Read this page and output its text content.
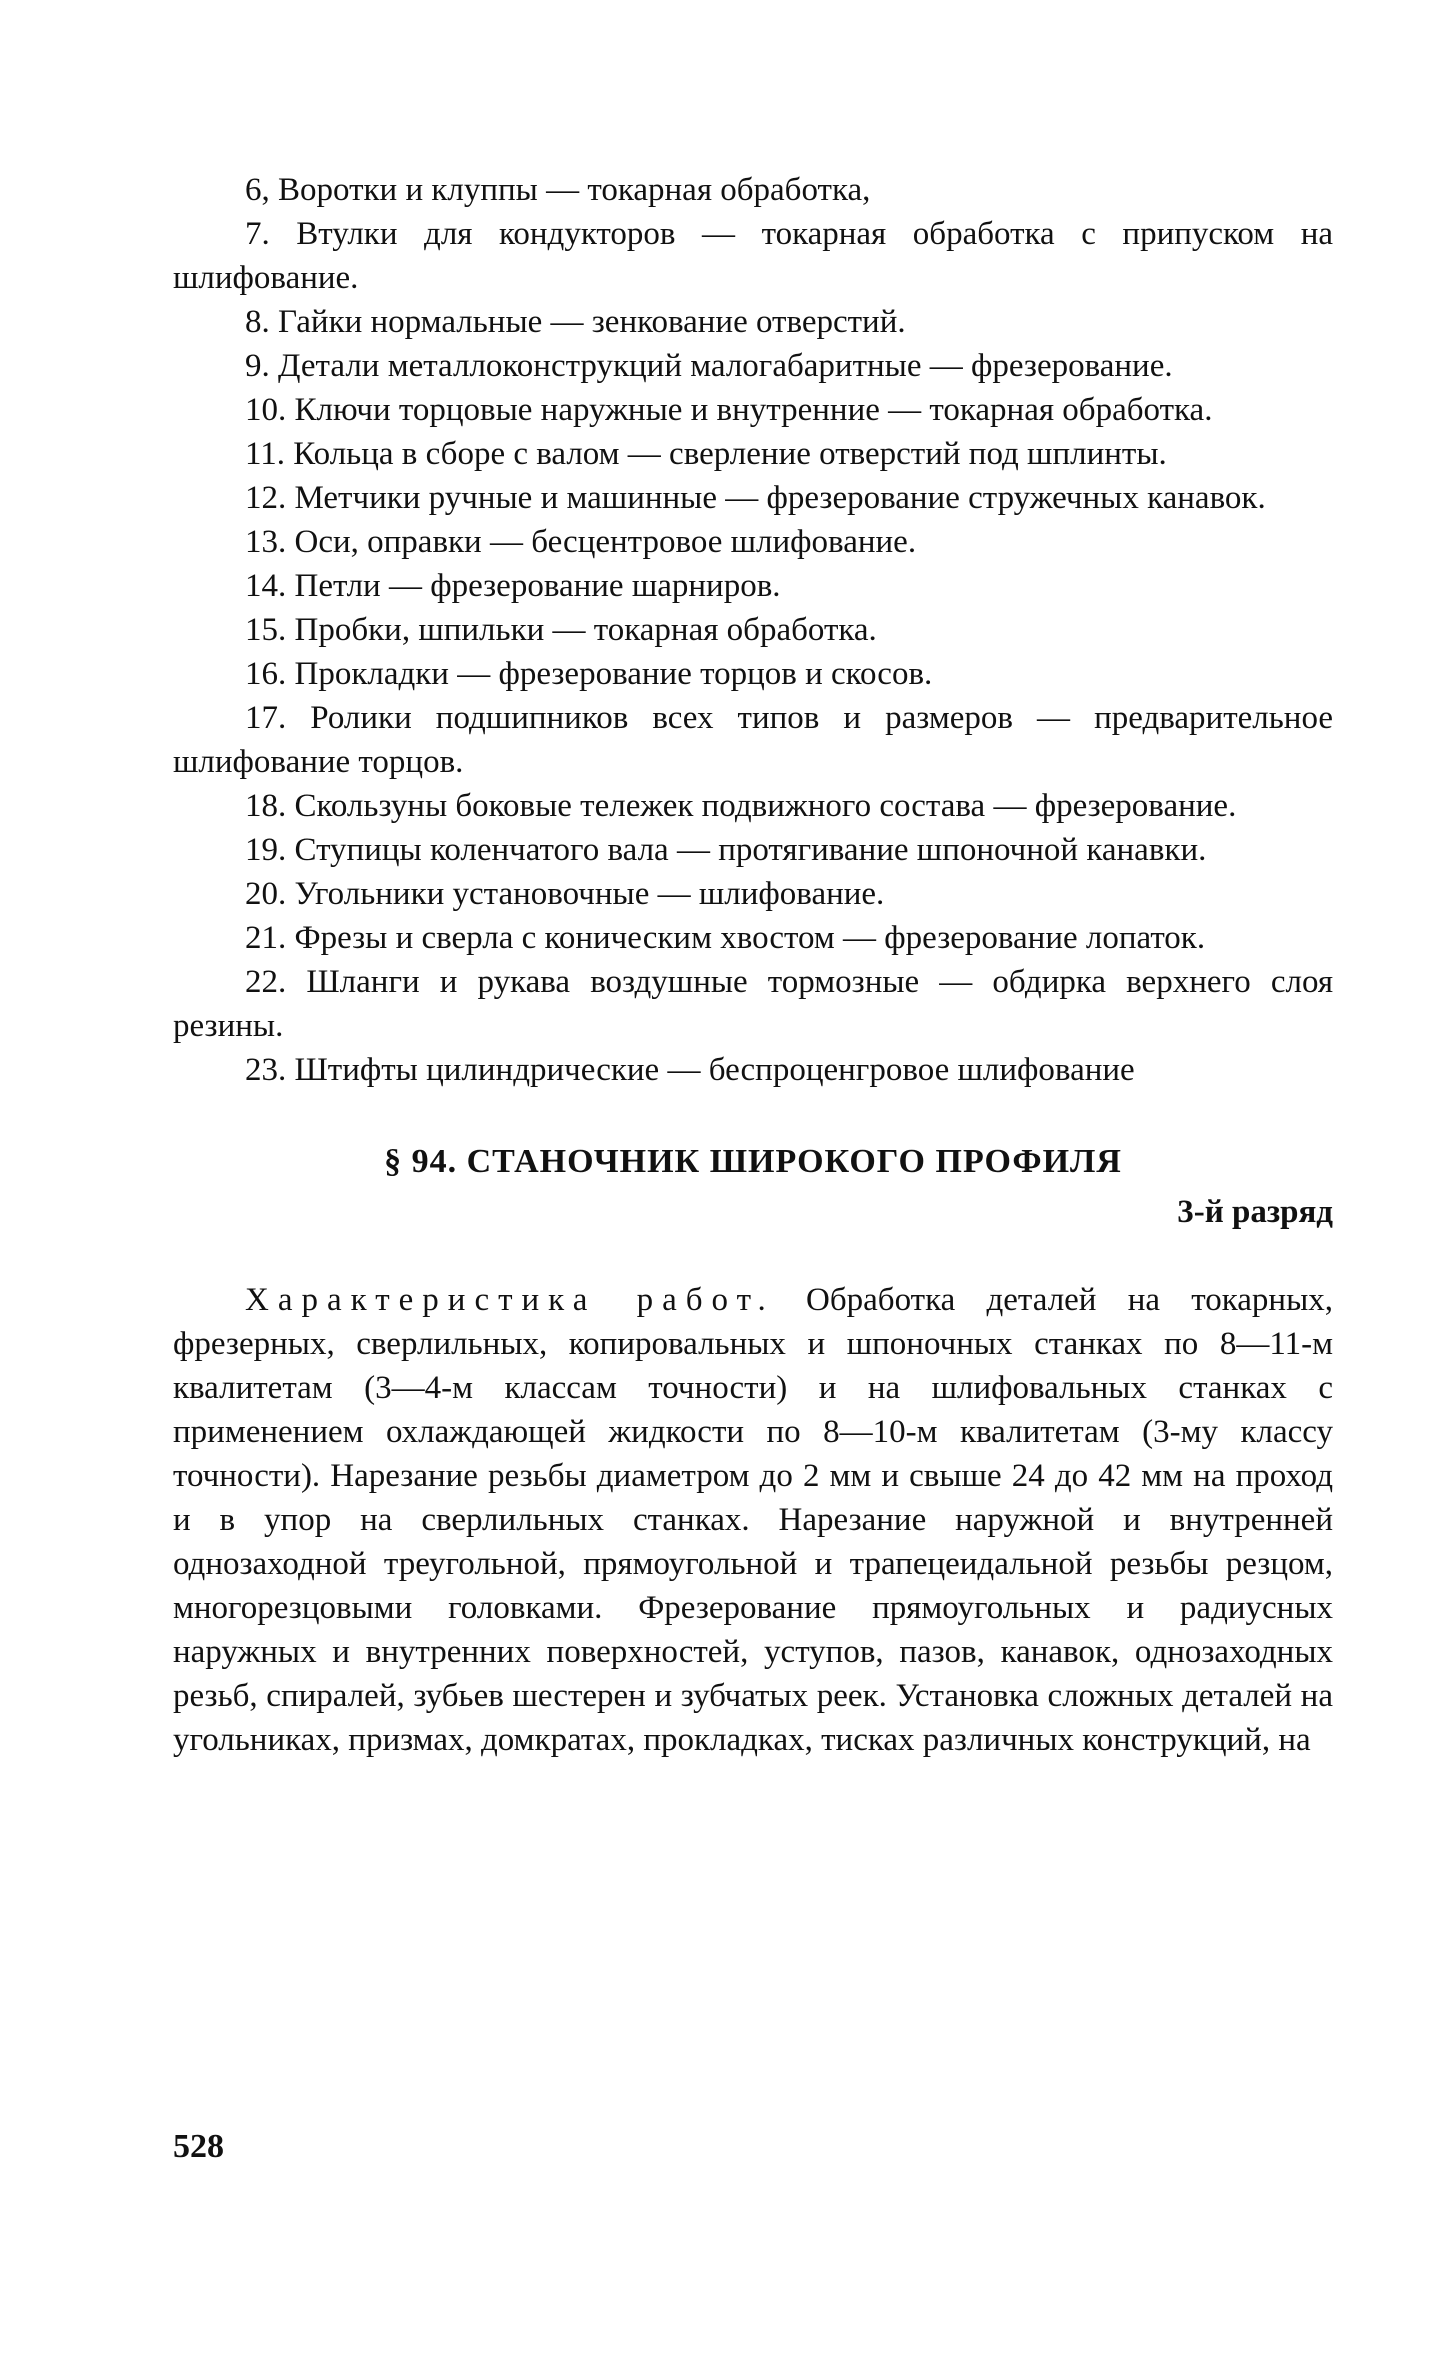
6, Воротки и клуппы — токарная обработка,

7. Втулки для кондукторов — токарная обработка с припуском на шлифование.

8. Гайки нормальные — зенкование отверстий.

9. Детали металлоконструкций малогабаритные — фрезерование.

10. Ключи торцовые наружные и внутренние — токарная обработка.

11. Кольца в сборе с валом — сверление отверстий под шплинты.

12. Метчики ручные и машинные — фрезерование стружечных канавок.

13. Оси, оправки — бесцентровое шлифование.

14. Петли — фрезерование шарниров.

15. Пробки, шпильки — токарная обработка.

16. Прокладки — фрезерование торцов и скосов.

17. Ролики подшипников всех типов и размеров — предварительное шлифование торцов.

18. Скользуны боковые тележек подвижного состава — фрезерование.

19. Ступицы коленчатого вала — протягивание шпоночной канавки.

20. Угольники установочные — шлифование.

21. Фрезы и сверла с коническим хвостом — фрезерование лопаток.

22. Шланги и рукава воздушные тормозные — обдирка верхнего слоя резины.

23. Штифты цилиндрические — беспроценгровое шлифование

§ 94. СТАНОЧНИК ШИРОКОГО ПРОФИЛЯ
3-й разряд

Характеристика работ. Обработка деталей на токарных, фрезерных, сверлильных, копировальных и шпоночных станках по 8—11-м квалитетам (3—4-м классам точности) и на шлифовальных станках с применением охлаждающей жидкости по 8—10-м квалитетам (3-му классу точности). Нарезание резьбы диаметром до 2 мм и свыше 24 до 42 мм на проход и в упор на сверлильных станках. Нарезание наружной и внутренней однозаходной треугольной, прямоугольной и трапецеидальной резьбы резцом, многорезцовыми головками. Фрезерование прямоугольных и радиусных наружных и внутренних поверхностей, уступов, пазов, канавок, однозаходных резьб, спиралей, зубьев шестерен и зубчатых реек. Установка сложных деталей на угольниках, призмах, домкратах, прокладках, тисках различных конструкций, на

528
